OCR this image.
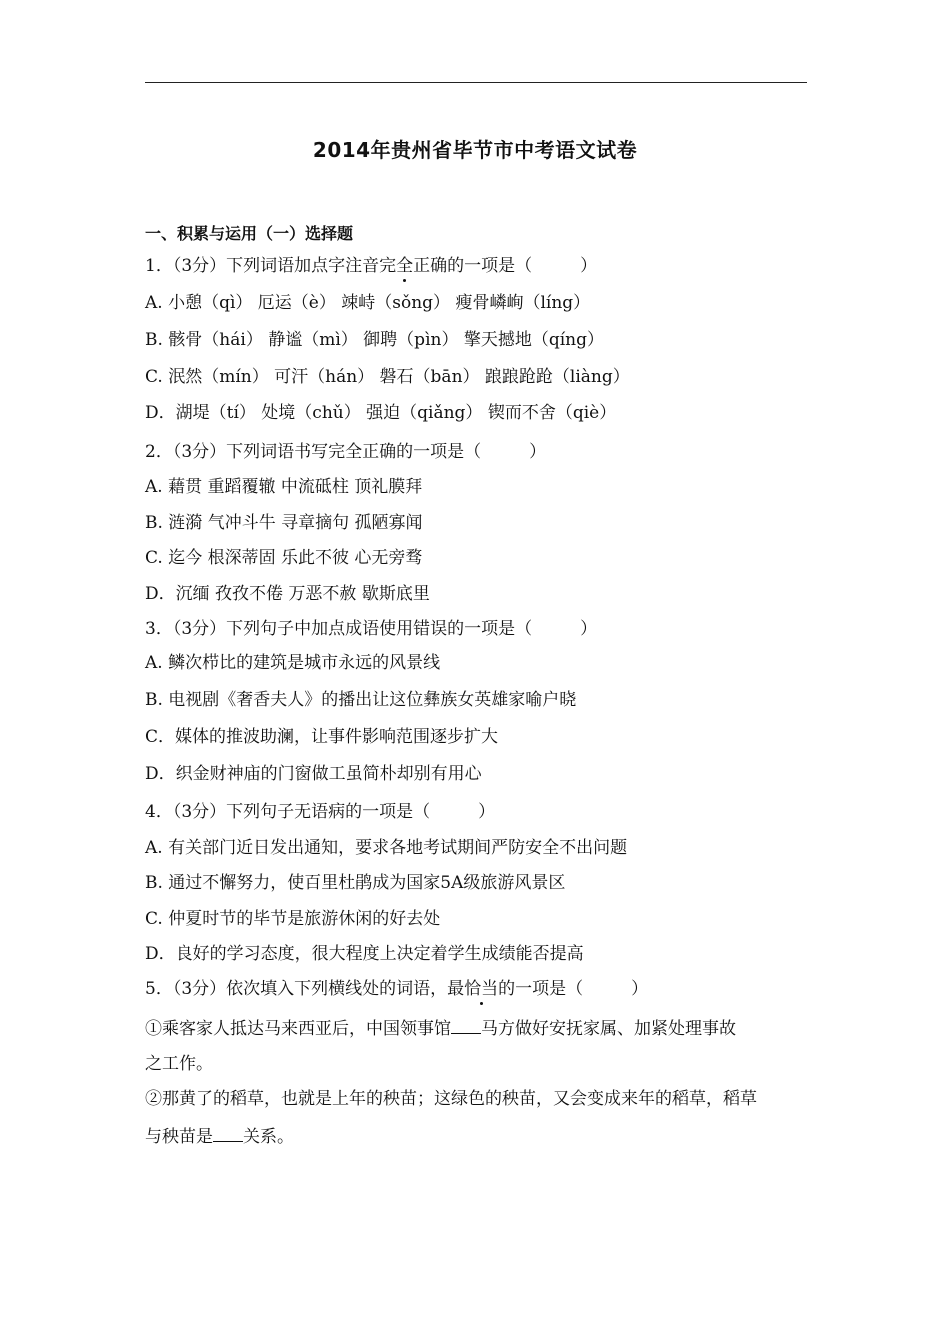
2014年贵州省毕节市中考语文试卷
一、积累与运用（一）选择题
1．（3分）下列词语加点字注音完全正确的一项是（	）
A. 小憩（qì） 厄运（è） 竦峙（sǒng） 瘦骨嶙峋（líng）
B. 骸骨（hái） 静谧（mì） 御聘（pìn） 擎天撼地（qíng）
C. 泯然（mín） 可汗（hán） 磐石（bān） 踉踉跄跄（liàng）
D．湖堤（tí） 处境（chǔ） 强迫（qiǎng） 锲而不舍（qiè）
2．（3分）下列词语书写完全正确的一项是（	）
A. 藉贯 重蹈覆辙 中流砥柱 顶礼膜拜
B. 涟漪 气冲斗牛 寻章摘句 孤陋寡闻
C. 迄今 根深蒂固 乐此不彼 心无旁骛
D．沉缅 孜孜不倦 万恶不赦 歇斯底里
3．（3分）下列句子中加点成语使用错误的一项是（	）
A. 鳞次栉比的建筑是城市永远的风景线
B. 电视剧《奢香夫人》的播出让这位彝族女英雄家喻户晓
C．媒体的推波助澜，让事件影响范围逐步扩大
D．织金财神庙的门窗做工虽简朴却别有用心
4．（3分）下列句子无语病的一项是（	）
A. 有关部门近日发出通知，要求各地考试期间严防安全不出问题
B. 通过不懈努力，使百里杜鹃成为国家5A级旅游风景区
C. 仲夏时节的毕节是旅游休闲的好去处
D．良好的学习态度，很大程度上决定着学生成绩能否提高
5．（3分）依次填入下列横线处的词语，最恰当的一项是（	）
①乘客家人抵达马来西亚后，中国领事馆 马方做好安抚家属、加紧处理事故
之工作。
②那黄了的稻草，也就是上年的秧苗；这绿色的秧苗，又会变成来年的稻草，稻草
与秧苗是 关系。
